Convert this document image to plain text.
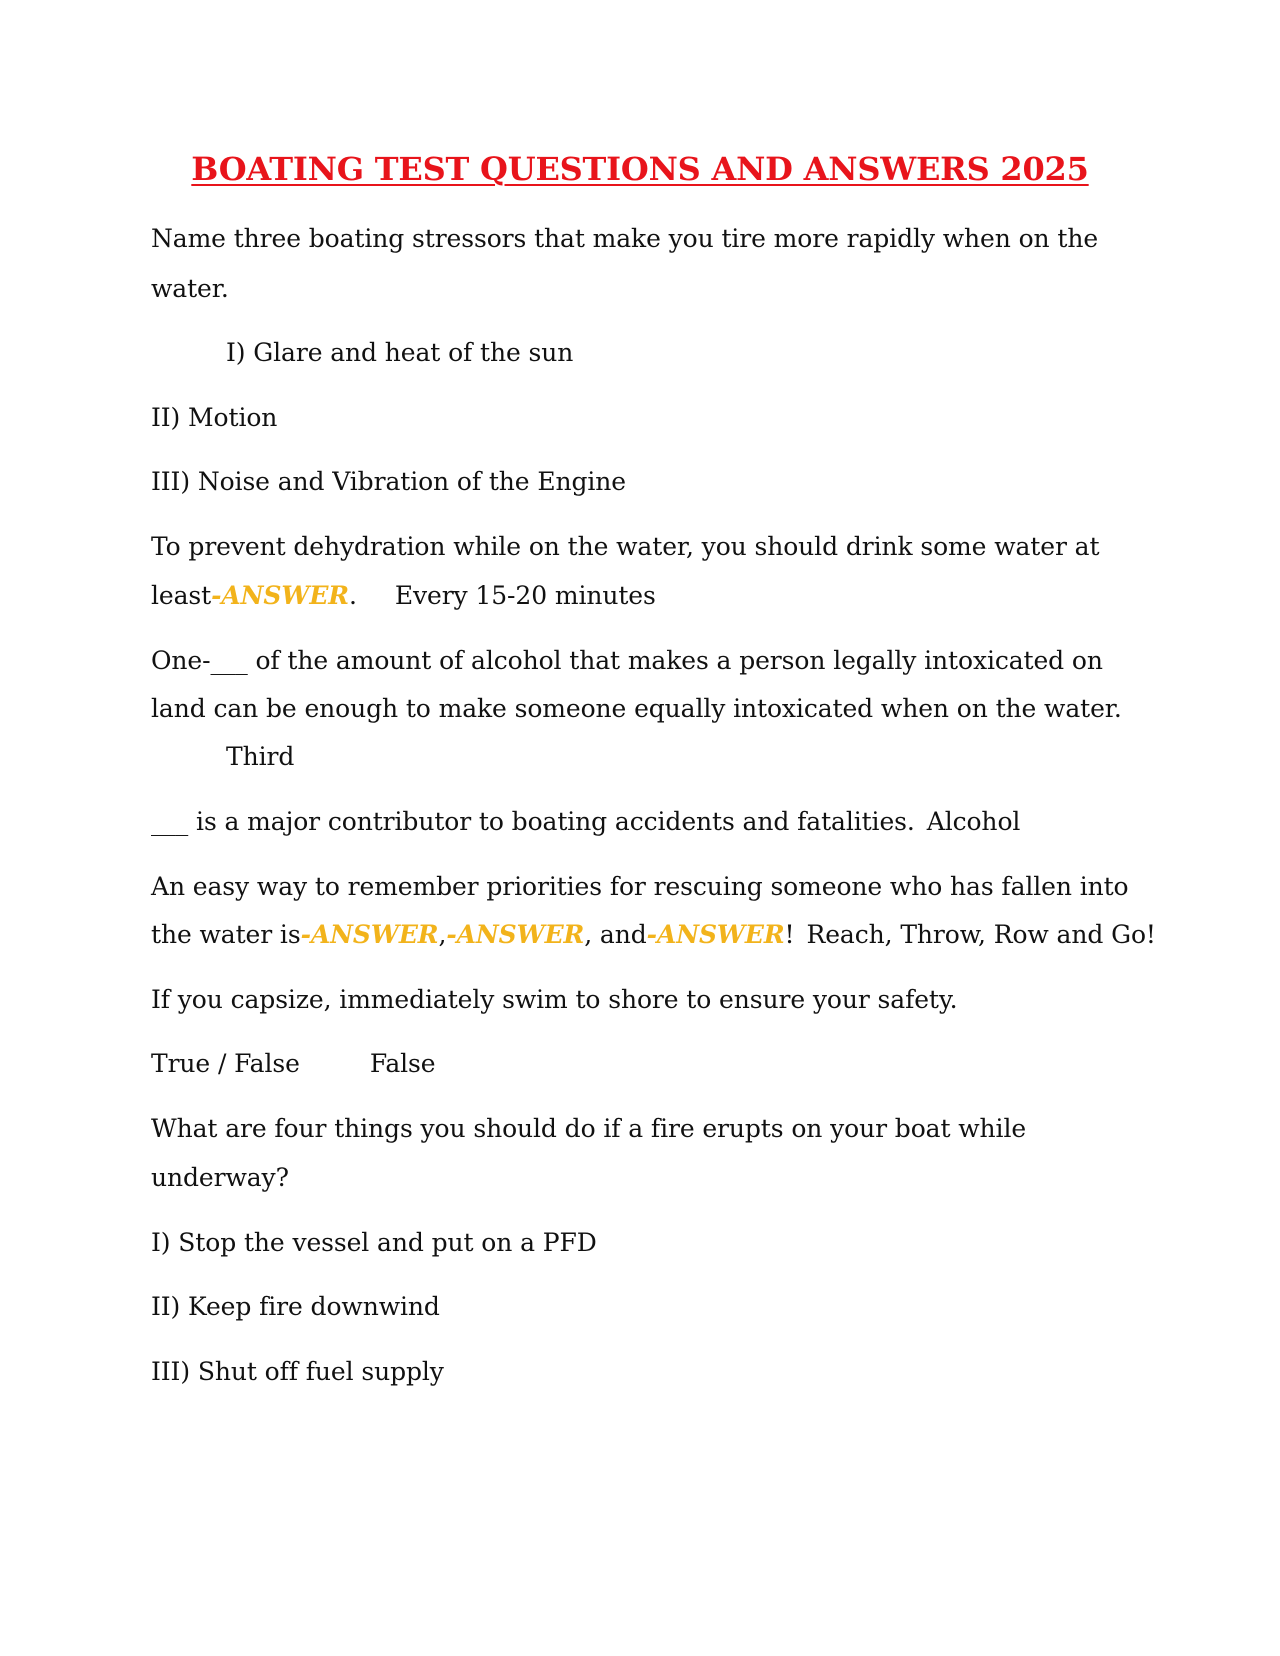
BOATING TEST QUESTIONS AND ANSWERS 2025
Name three boating stressors that make you tire more rapidly when on the
water.
I) Glare and heat of the sun
II) Motion
III) Noise and Vibration of the Engine
To prevent dehydration while on the water, you should drink some water at
least-ANSWER. Every 15-20 minutes
One-___ of the amount of alcohol that makes a person legally intoxicated on
land can be enough to make someone equally intoxicated when on the water.
Third
___ is a major contributor to boating accidents and fatalities. Alcohol
An easy way to remember priorities for rescuing someone who has fallen into
the water is-ANSWER,-ANSWER, and-ANSWER! Reach, Throw, Row and Go!
If you capsize, immediately swim to shore to ensure your safety.
True / False	False
What are four things you should do if a fire erupts on your boat while
underway?
I) Stop the vessel and put on a PFD
II) Keep fire downwind
III) Shut off fuel supply
